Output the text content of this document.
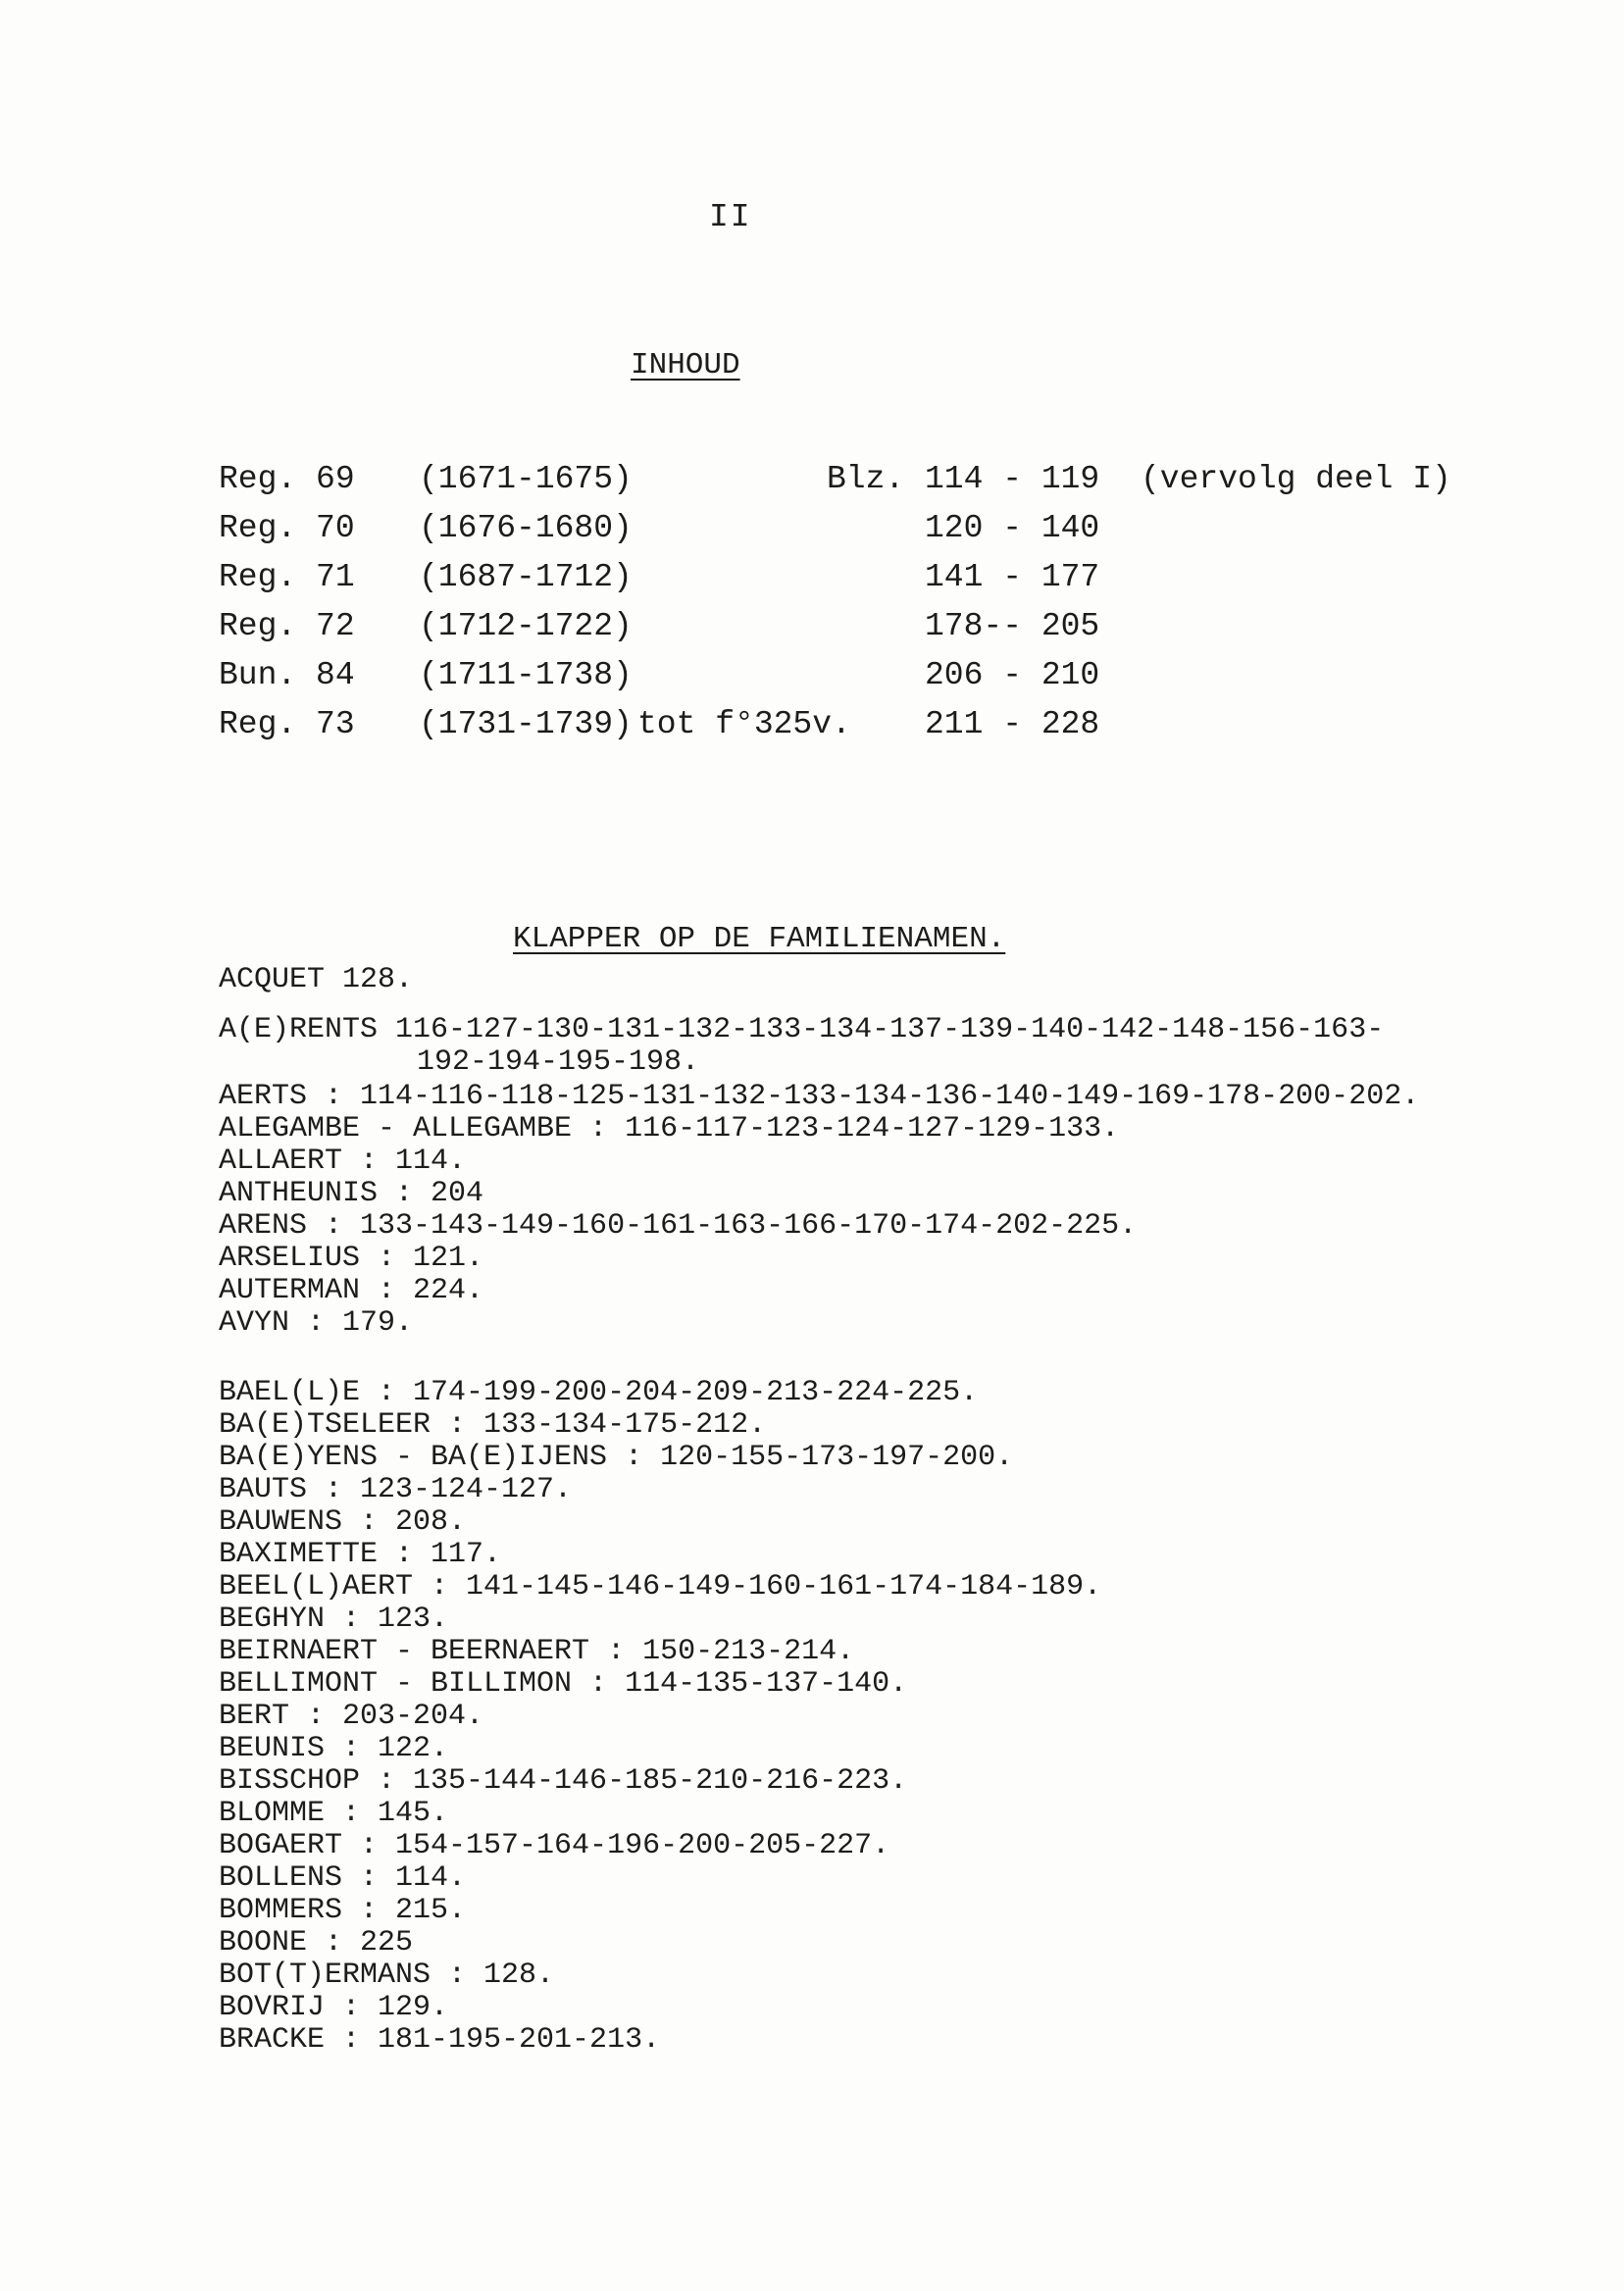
II
INHOUD
Reg. 69 (1671-1675)	Blz. 114 - 119 (vervolg deel I)
Reg. 70 (1676-1680)	120 - 140
Reg. 71 (1687-1712)	141 - 177
Reg. 72 (1712-1722)	178-- 205
Bun. 84 (1711-1738)	206 - 210
Reg. 73 (1731-1739) tot f°325v. 211 - 228
KLAPPER OP DE FAMILIENAMEN.
ACQUET 128.
A(E)RENTS 116-127-130-131-132-133-134-137-139-140-142-148-156-163-
192-194-195-198.
AERTS : 114-116-118-125-131-132-133-134-136-140-149-169-178-200-202.
ALEGAMBE - ALLEGAMBE : 116-117-123-124-127-129-133.
ALLAERT : 114.
ANTHEUNIS : 204
ARENS : 133-143-149-160-161-163-166-170-174-202-225.
ARSELIUS : 121.
AUTERMAN : 224.
AVYN : 179.
BAEL(L)E : 174-199-200-204-209-213-224-225.
BA(E)TSELEER : 133-134-175-212.
BA(E)YENS - BA(E)IJENS : 120-155-173-197-200.
BAUTS : 123-124-127.
BAUWENS : 208.
BAXIMETTE : 117.
BEEL(L)AERT : 141-145-146-149-160-161-174-184-189.
BEGHYN : 123.
BEIRNAERT - BEERNAERT : 150-213-214.
BELLIMONT - BILLIMON : 114-135-137-140.
BERT : 203-204.
BEUNIS : 122.
BISSCHOP : 135-144-146-185-210-216-223.
BLOMME : 145.
BOGAERT : 154-157-164-196-200-205-227.
BOLLENS : 114.
BOMMERS : 215.
BOONE : 225
BOT(T)ERMANS : 128.
BOVRIJ : 129.
BRACKE : 181-195-201-213.
